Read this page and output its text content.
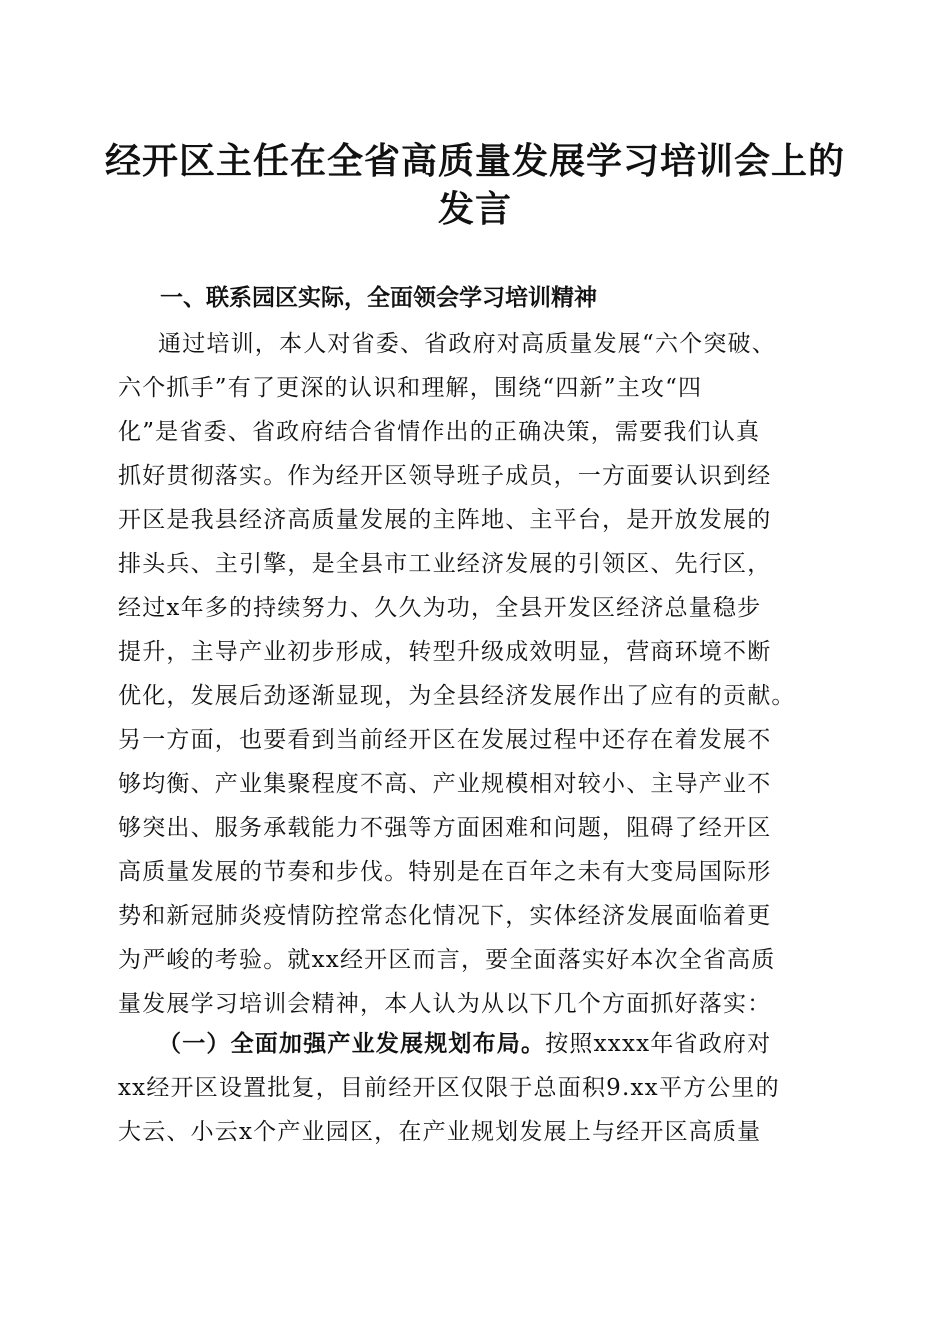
经开区主任在全省高质量发展学习培训会上的
发言
一、联系园区实际，全面领会学习培训精神
通过培训，本人对省委、省政府对高质量发展“六个突破、
六个抓手”有了更深的认识和理解，围绕“四新”主攻“四
化”是省委、省政府结合省情作出的正确决策，需要我们认真
抓好贯彻落实。作为经开区领导班子成员，一方面要认识到经
开区是我县经济高质量发展的主阵地、主平台，是开放发展的
排头兵、主引擎，是全县市工业经济发展的引领区、先行区，
经过x年多的持续努力、久久为功，全县开发区经济总量稳步
提升，主导产业初步形成，转型升级成效明显，营商环境不断
优化，发展后劲逐渐显现，为全县经济发展作出了应有的贡献。
另一方面，也要看到当前经开区在发展过程中还存在着发展不
够均衡、产业集聚程度不高、产业规模相对较小、主导产业不
够突出、服务承载能力不强等方面困难和问题，阻碍了经开区
高质量发展的节奏和步伐。特别是在百年之未有大变局国际形
势和新冠肺炎疫情防控常态化情况下，实体经济发展面临着更
为严峻的考验。就xx经开区而言，要全面落实好本次全省高质
量发展学习培训会精神，本人认为从以下几个方面抓好落实：
（一）全面加强产业发展规划布局。按照xxxx年省政府对
xx经开区设置批复，目前经开区仅限于总面积9.xx平方公里的
大云、小云x个产业园区，在产业规划发展上与经开区高质量
